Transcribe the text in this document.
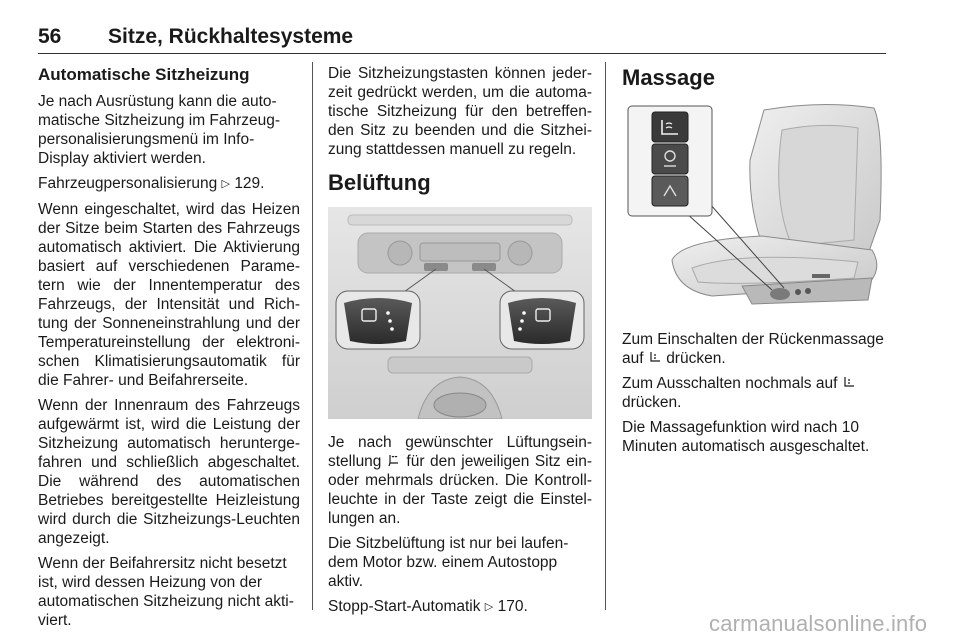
56 Sitze, Rückhaltesysteme
Automatische Sitzheizung

Je nach Ausrüstung kann die automatische Sitzheizung im Fahrzeugpersonalisierungsmenü im Info-Display aktiviert werden.

Fahrzeugpersonalisierung ▷ 129.

Wenn eingeschaltet, wird das Heizen der Sitze beim Starten des Fahrzeugs automatisch aktiviert. Die Aktivierung basiert auf verschiedenen Parametern wie der Innentemperatur des Fahrzeugs, der Intensität und Richtung der Sonneneinstrahlung und der Temperatureinstellung der elektronischen Klimatisierungsautomatik für die Fahrer- und Beifahrerseite.

Wenn der Innenraum des Fahrzeugs aufgewärmt ist, wird die Leistung der Sitzheizung automatisch heruntergefahren und schließlich abgeschaltet. Die während des automatischen Betriebes bereitgestellte Heizleistung wird durch die Sitzheizungs-Leuchten angezeigt.

Wenn der Beifahrersitz nicht besetzt ist, wird dessen Heizung von der automatischen Sitzheizung nicht aktiviert.

Die Sitzheizungstasten können jederzeit gedrückt werden, um die automatische Sitzheizung für den betreffenden Sitz zu beenden und die Sitzheizung stattdessen manuell zu regeln.

Belüftung

Je nach gewünschter Lüftungseinstellung für den jeweiligen Sitz ein- oder mehrmals drücken. Die Kontrollleuchte in der Taste zeigt die Einstellungen an.

Die Sitzbelüftung ist nur bei laufendem Motor bzw. einem Autostopp aktiv.

Stopp-Start-Automatik ▷ 170.

Massage

Zum Einschalten der Rückenmassage auf drücken.

Zum Ausschalten nochmals auf
drücken.

Die Massagefunktion wird nach 10 Minuten automatisch ausgeschaltet.

carmanualsonline.info
